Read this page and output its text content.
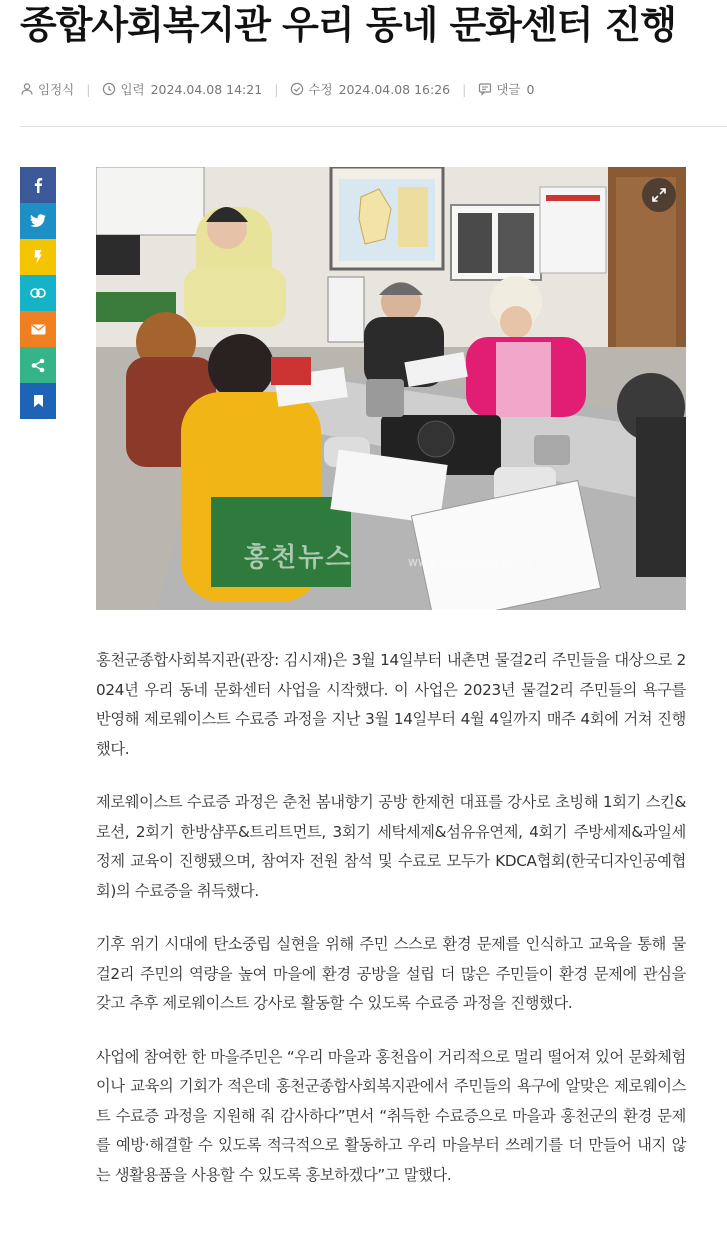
종합사회복지관 우리 동네 문화센터 진행
임정식 | 입력 2024.04.08 14:21 | 수정 2024.04.08 16:26 | 댓글 0
홍천뉴스	www.hcsinmun.co.kr

홍천군종합사회복지관(관장: 김시재)은 3월 14일부터 내촌면 물걸2리 주민들을 대상으로 2024년 우리 동네 문화센터 사업을 시작했다. 이 사업은 2023년 물걸2리 주민들의 욕구를 반영해 제로웨이스트 수료증 과정을 지난 3월 14일부터 4월 4일까지 매주 4회에 거쳐 진행했다.

제로웨이스트 수료증 과정은 춘천 봄내향기 공방 한제헌 대표를 강사로 초빙해 1회기 스킨&로션, 2회기 한방샴푸&트리트먼트, 3회기 세탁세제&섬유유연제, 4회기 주방세제&과일세정제 교육이 진행됐으며, 참여자 전원 참석 및 수료로 모두가 KDCA협회(한국디자인공예협회)의 수료증을 취득했다.

기후 위기 시대에 탄소중립 실현을 위해 주민 스스로 환경 문제를 인식하고 교육을 통해 물걸2리 주민의 역량을 높여 마을에 환경 공방을 설립 더 많은 주민들이 환경 문제에 관심을 갖고 추후 제로웨이스트 강사로 활동할 수 있도록 수료증 과정을 진행했다.

사업에 참여한 한 마을주민은 “우리 마을과 홍천읍이 거리적으로 멀리 떨어져 있어 문화체험이나 교육의 기회가 적은데 홍천군종합사회복지관에서 주민들의 욕구에 알맞은 제로웨이스트 수료증 과정을 지원해 줘 감사하다”면서 “취득한 수료증으로 마을과 홍천군의 환경 문제를 예방·해결할 수 있도록 적극적으로 활동하고 우리 마을부터 쓰레기를 더 만들어 내지 않는 생활용품을 사용할 수 있도록 홍보하겠다”고 말했다.
